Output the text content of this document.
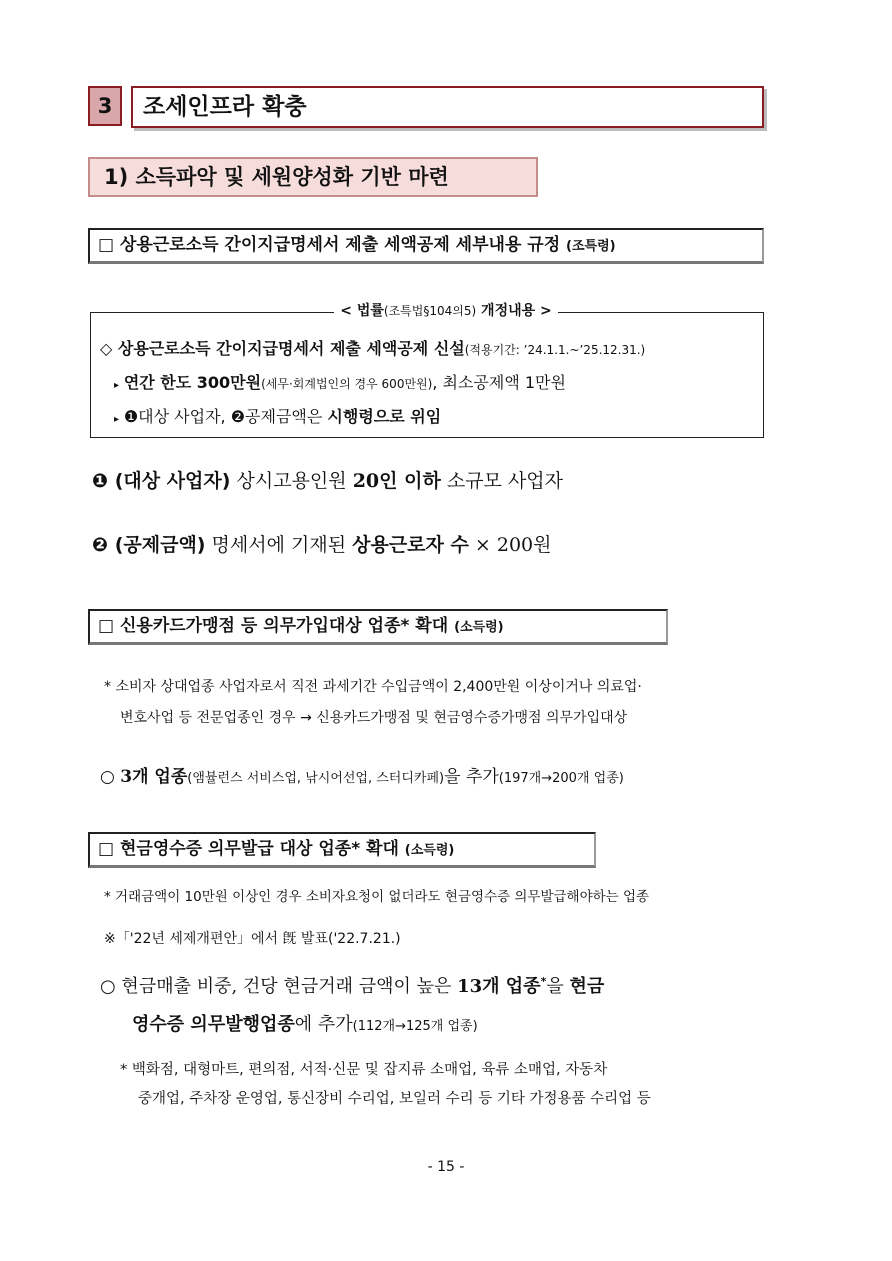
3	조세인프라 확충
1) 소득파악 및 세원양성화 기반 마련
□ 상용근로소득 간이지급명세서 제출 세액공제 세부내용 규정 (조특령)
< 법률(조특법§104의5) 개정내용 >
◇ 상용근로소득 간이지급명세서 제출 세액공제 신설(적용기간: ’24.1.1.~’25.12.31.)
▸ 연간 한도 300만원(세무·회계법인의 경우 600만원), 최소공제액 1만원
▸ ❶대상 사업자, ❷공제금액은 시행령으로 위임
❶ (대상 사업자) 상시고용인원 20인 이하 소규모 사업자
❷ (공제금액) 명세서에 기재된 상용근로자 수 × 200원
□ 신용카드가맹점 등 의무가입대상 업종* 확대 (소득령)
* 소비자 상대업종 사업자로서 직전 과세기간 수입금액이 2,400만원 이상이거나 의료업·
변호사업 등 전문업종인 경우 → 신용카드가맹점 및 현금영수증가맹점 의무가입대상
○ 3개 업종(앰뷸런스 서비스업, 낚시어선업, 스터디카페)을 추가(197개→200개 업종)
□ 현금영수증 의무발급 대상 업종* 확대 (소득령)
* 거래금액이 10만원 이상인 경우 소비자요청이 없더라도 현금영수증 의무발급해야하는 업종
※「'22년 세제개편안」에서 旣 발표('22.7.21.)
○ 현금매출 비중, 건당 현금거래 금액이 높은 13개 업종*을 현금
영수증 의무발행업종에 추가(112개→125개 업종)
* 백화점, 대형마트, 편의점, 서적·신문 및 잡지류 소매업, 육류 소매업, 자동차
중개업, 주차장 운영업, 통신장비 수리업, 보일러 수리 등 기타 가정용품 수리업 등
- 15 -
